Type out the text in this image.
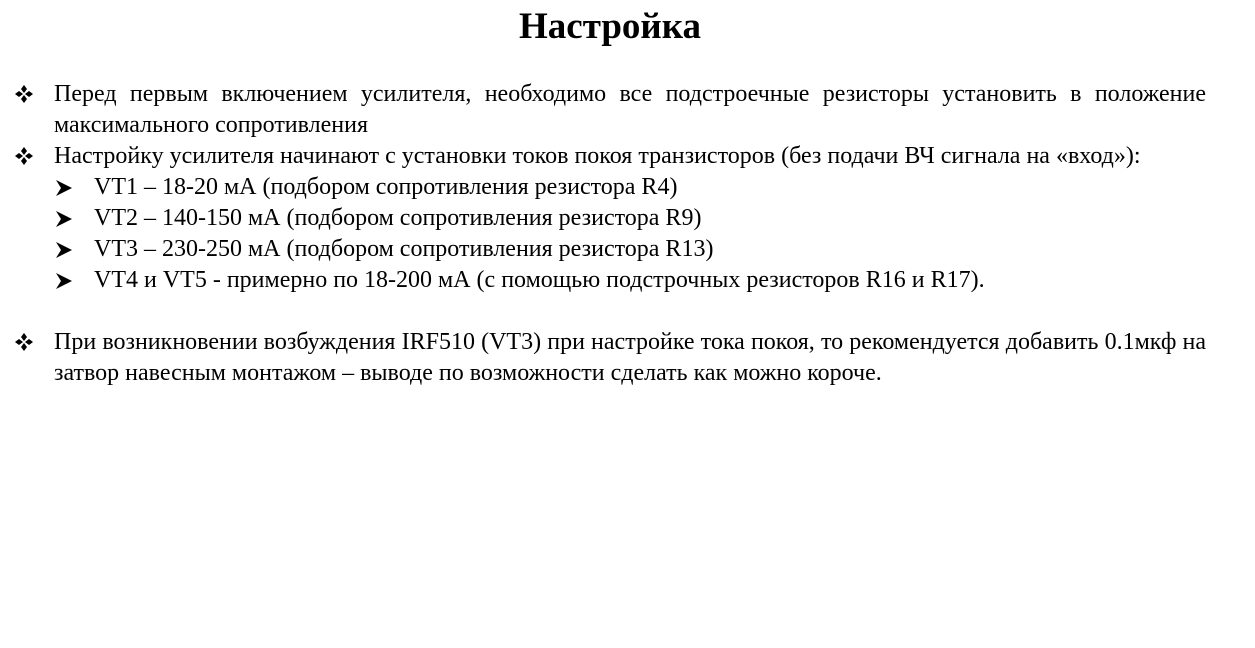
Настройка
Перед первым включением усилителя, необходимо все подстроечные резисторы установить в положение максимального сопротивления
Настройку усилителя начинают с установки токов покоя транзисторов (без подачи ВЧ сигнала на «вход»):
VT1 – 18-20 мА (подбором сопротивления резистора R4)
VT2 – 140-150 мА (подбором сопротивления резистора R9)
VT3 – 230-250 мА (подбором сопротивления резистора R13)
VT4 и VT5 - примерно по 18-200 мА (с помощью подстрочных резисторов R16 и R17).
При возникновении возбуждения IRF510 (VT3) при настройке тока покоя, то рекомендуется добавить 0.1мкф на затвор навесным монтажом – выводе по возможности сделать как можно короче.
